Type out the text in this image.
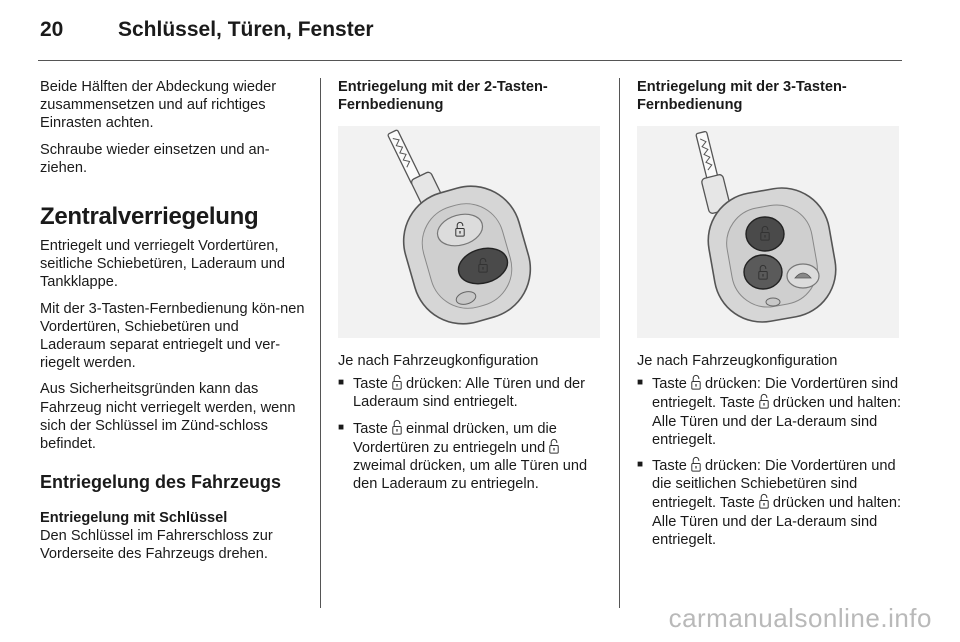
20	Schlüssel, Türen, Fenster

Beide Hälften der Abdeckung wieder zusammensetzen und auf richtiges Einrasten achten.

Schraube wieder einsetzen und an-ziehen.

Zentralverriegelung

Entriegelt und verriegelt Vordertüren, seitliche Schiebetüren, Laderaum und Tankklappe.

Mit der 3-Tasten-Fernbedienung kön-nen Vordertüren, Schiebetüren und Laderaum separat entriegelt und ver-riegelt werden.

Aus Sicherheitsgründen kann das Fahrzeug nicht verriegelt werden, wenn sich der Schlüssel im Zünd-schloss befindet.

Entriegelung des Fahrzeugs
Entriegelung mit Schlüssel

Den Schlüssel im Fahrerschloss zur Vorderseite des Fahrzeugs drehen.

Entriegelung mit der 2-Tasten-Fernbedienung

Je nach Fahrzeugkonfiguration

■ Taste drücken: Alle Türen und der Laderaum sind entriegelt.
■ Taste einmal drücken, um die Vordertüren zu entriegeln und  zweimal drücken, um alle Türen und den Laderaum zu entriegeln.
Entriegelung mit der 3-Tasten-Fernbedienung

Je nach Fahrzeugkonfiguration

■ Taste drücken: Die Vordertüren sind entriegelt. Taste drücken und halten: Alle Türen und der La-deraum sind entriegelt.
■ Taste drücken: Die Vordertüren und die seitlichen Schiebetüren sind entriegelt. Taste drücken und halten: Alle Türen und der La-deraum sind entriegelt.
carmanualsonline.info
